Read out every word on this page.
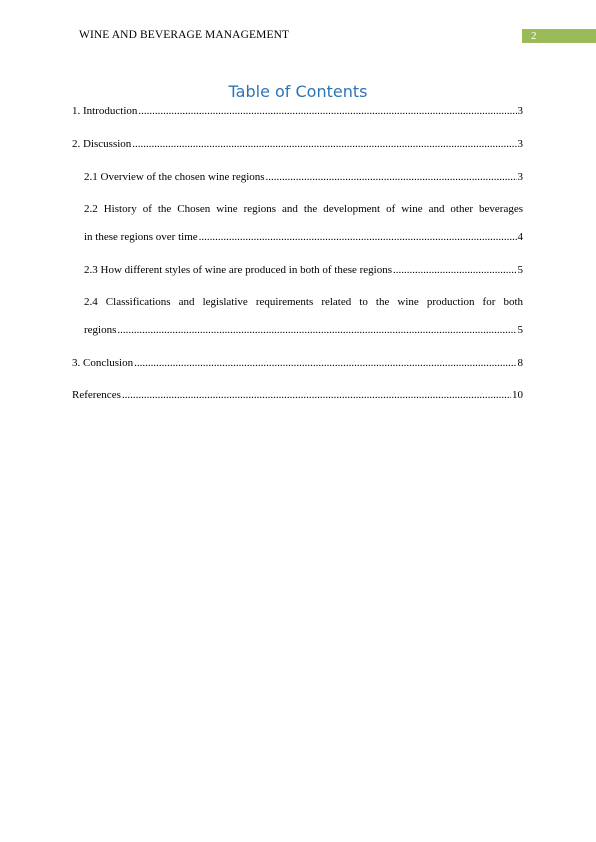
WINE AND BEVERAGE MANAGEMENT	2
Table of Contents
1. Introduction .....	3
2. Discussion .....	3
2.1 Overview of the chosen wine regions .....	3
2.2 History of the Chosen wine regions and the development of wine and other beverages
in these regions over time .....	4
2.3 How different styles of wine are produced in both of these regions .....	5
2.4 Classifications and legislative requirements related to the wine production for both
regions .....	5
3. Conclusion .....	8
References .....	10
